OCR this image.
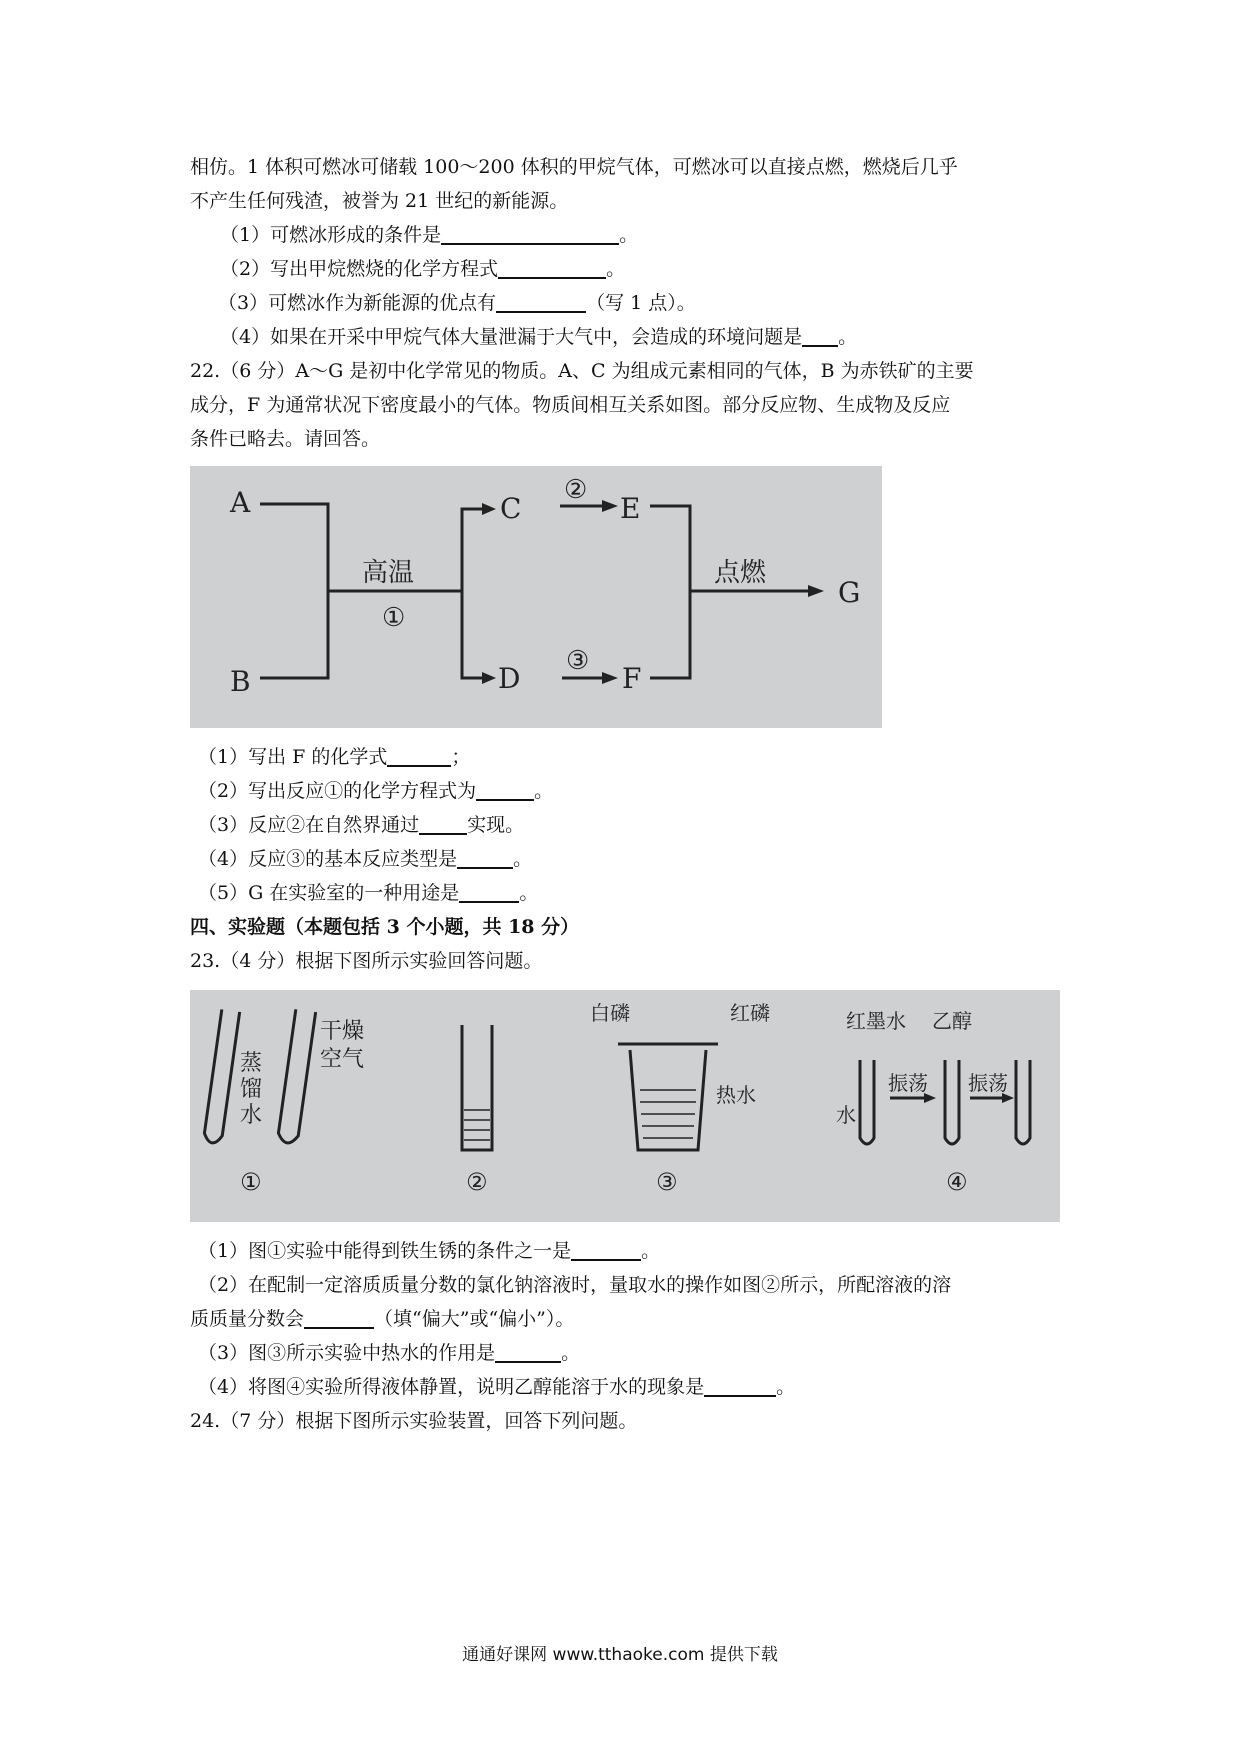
相仿。1 体积可燃冰可储载 100～200 体积的甲烷气体，可燃冰可以直接点燃，燃烧后几乎

不产生任何残渣，被誉为 21 世纪的新能源。

（1）可燃冰形成的条件是	。

（2）写出甲烷燃烧的化学方程式	。

（3）可燃冰作为新能源的优点有	（写 1 点）。

（4）如果在开采中甲烷气体大量泄漏于大气中，会造成的环境问题是 。

22.（6 分）A～G 是初中化学常见的物质。A、C 为组成元素相同的气体，B 为赤铁矿的主要

成分，F 为通常状况下密度最小的气体。物质间相互关系如图。部分反应物、生成物及反应

条件已略去。请回答。

A
B
C	E
D	F
G
高温
①
②
③
点燃

（1）写出 F 的化学式	；

（2）写出反应①的化学方程式为	。

（3）反应②在自然界通过	实现。

（4）反应③的基本反应类型是	。

（5）G 在实验室的一种用途是	。

四、实验题（本题包括 3 个小题，共 18 分）

23.（4 分）根据下图所示实验回答问题。

蒸
馏
水
干燥
空气
白磷	红磷
热水
红墨水 乙醇
水
振荡 振荡
①	②	③	④

（1）图①实验中能得到铁生锈的条件之一是	。

（2）在配制一定溶质质量分数的氯化钠溶液时，量取水的操作如图②所示，所配溶液的溶

质质量分数会	（填“偏大”或“偏小”）。

（3）图③所示实验中热水的作用是	。

（4）将图④实验所得液体静置，说明乙醇能溶于水的现象是	。

24.（7 分）根据下图所示实验装置，回答下列问题。

通通好课网 www.tthaoke.com 提供下载
